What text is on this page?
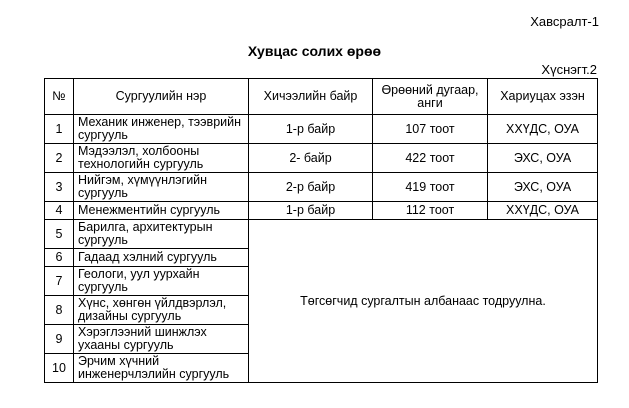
Хавсралт-1
Хувцас солих өрөө
Хүснэгт.2
№	Сургуулийн нэр	Хичээлийн байр	Өрөөний дугаар, анги	Хариуцах эзэн
1	Механик инженер, тээврийн сургууль	1-р байр	107 тоот	ХХҮДС, ОУА
2	Мэдээлэл, холбооны технологийн сургууль	2- байр	422 тоот	ЭХС, ОУА
3	Нийгэм, хүмүүнлэгийн сургууль	2-р байр	419 тоот	ЭХС, ОУА
4	Менежментийн сургууль	1-р байр	112 тоот	ХХҮДС, ОУА
5	Барилга, архитектурын сургууль	Төгсөгчид сургалтын албанаас тодруулна.		
6	Гадаад хэлний сургууль			
7	Геологи, уул уурхайн сургууль			
8	Хүнс, хөнгөн үйлдвэрлэл, дизайны сургууль			
9	Хэрэглээний шинжлэх ухааны сургууль			
10	Эрчим хүчний инженерчлэлийн сургууль			
